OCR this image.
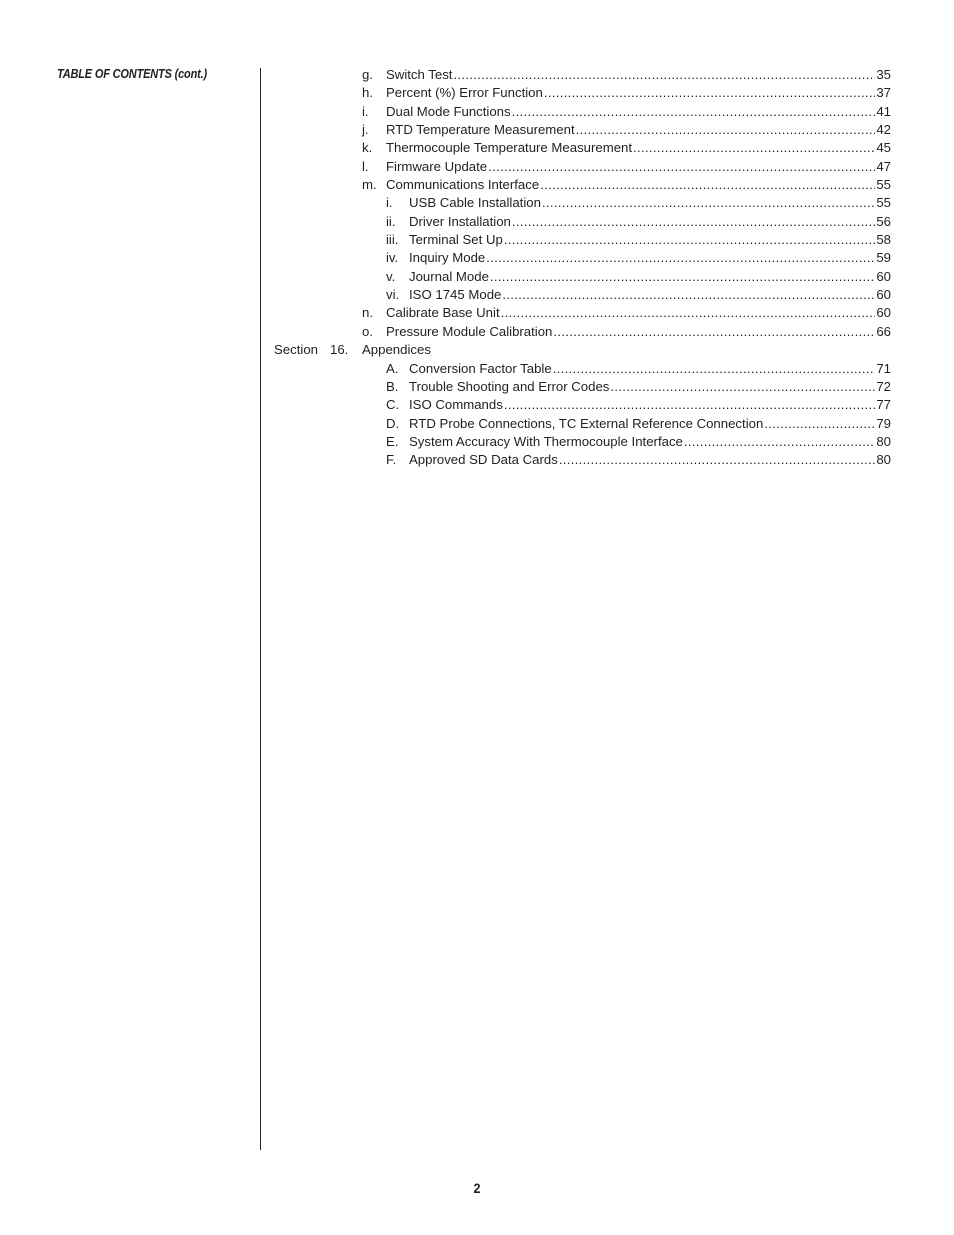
TABLE OF CONTENTS (cont.)	g. Switch Test .....	35
h. Percent (%) Error Function .....	37
i. Dual Mode Functions .....	41
j. RTD Temperature Measurement .....	42
k. Thermocouple Temperature Measurement .....	45
l. Firmware Update .....	47
m. Communications Interface .....	55
i. USB Cable Installation .....	55
ii. Driver Installation .....	56
iii. Terminal Set Up .....	58
iv. Inquiry Mode .....	59
v. Journal Mode .....	60
vi. ISO 1745 Mode .....	60
n. Calibrate Base Unit .....	60
o. Pressure Module Calibration .....	66
Section 16. Appendices
A. Conversion Factor Table .....	71
B. Trouble Shooting and Error Codes .....	72
C. ISO Commands .....	77
D. RTD Probe Connections, TC External Reference Connection .....	79
E. System Accuracy With Thermocouple Interface .....	80
F. Approved SD Data Cards .....	80
2
